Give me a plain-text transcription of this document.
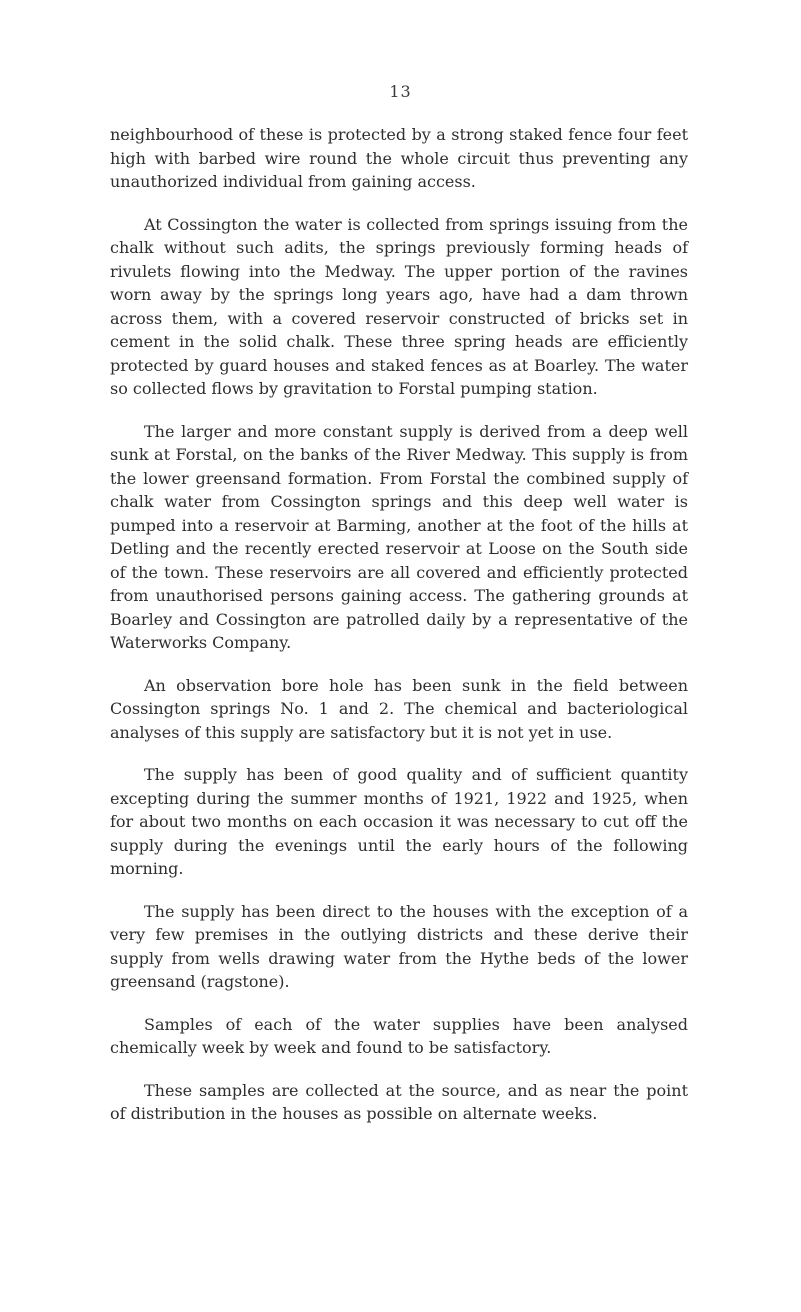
13

neighbourhood of these is protected by a strong staked fence four feet high with barbed wire round the whole circuit thus preventing any unauthorized individual from gaining access.

At Cossington the water is collected from springs issuing from the chalk without such adits, the springs previously forming heads of rivulets flowing into the Medway. The upper portion of the ravines worn away by the springs long years ago, have had a dam thrown across them, with a covered reservoir constructed of bricks set in cement in the solid chalk. These three spring heads are efficiently protected by guard houses and staked fences as at Boarley. The water so collected flows by gravitation to Forstal pumping station.

The larger and more constant supply is derived from a deep well sunk at Forstal, on the banks of the River Medway. This supply is from the lower greensand formation. From Forstal the combined supply of chalk water from Cossington springs and this deep well water is pumped into a reservoir at Barming, another at the foot of the hills at Detling and the recently erected reservoir at Loose on the South side of the town. These reservoirs are all covered and efficiently protected from unauthorised persons gaining access. The gathering grounds at Boarley and Cossington are patrolled daily by a representative of the Waterworks Company.

An observation bore hole has been sunk in the field between Cossington springs No. 1 and 2. The chemical and bacteriological analyses of this supply are satisfactory but it is not yet in use.

The supply has been of good quality and of sufficient quantity excepting during the summer months of 1921, 1922 and 1925, when for about two months on each occasion it was necessary to cut off the supply during the evenings until the early hours of the following morning.

The supply has been direct to the houses with the exception of a very few premises in the outlying districts and these derive their supply from wells drawing water from the Hythe beds of the lower greensand (ragstone).

Samples of each of the water supplies have been analysed chemically week by week and found to be satisfactory.

These samples are collected at the source, and as near the point of distribution in the houses as possible on alternate weeks.
